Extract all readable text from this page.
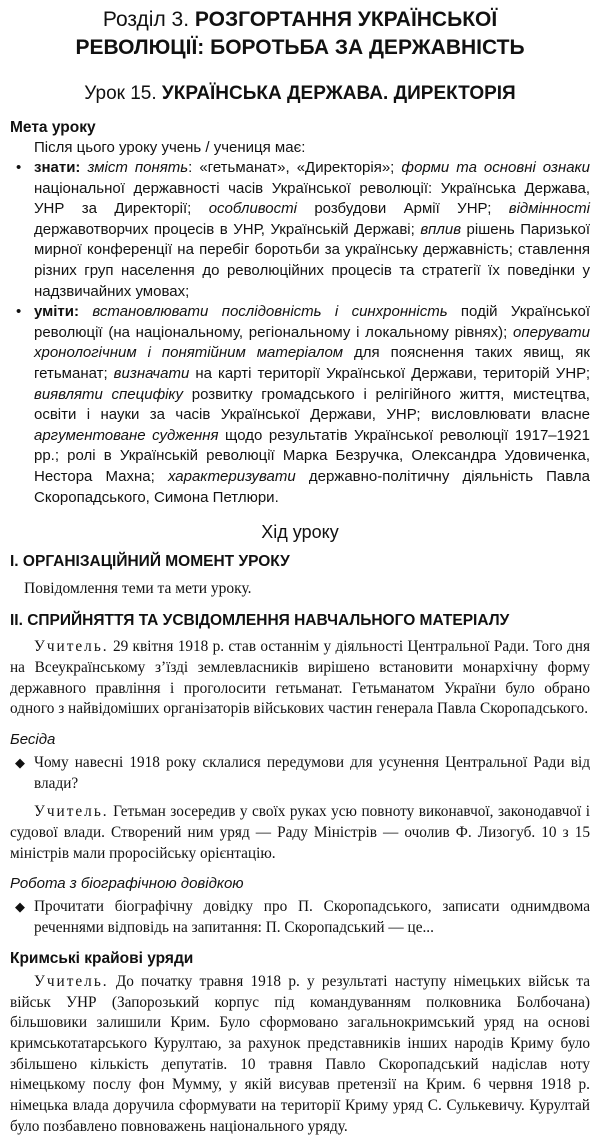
Розділ 3. РОЗГОРТАННЯ УКРАЇНСЬКОЇ
РЕВОЛЮЦІЇ: БОРОТЬБА ЗА ДЕРЖАВНІСТЬ
Урок 15. УКРАЇНСЬКА ДЕРЖАВА. ДИРЕКТОРІЯ

Мета уроку

Після цього уроку учень / учениця має:

• знати: зміст понять: «гетьманат», «Директорія»; форми та основні ознаки національної державності часів Української революції: Українська Держава, УНР за Директорії; особливості розбудови Армії УНР; відмінності державотворчих процесів в УНР, Українській Державі; вплив рішень Паризької мирної конференції на перебіг боротьби за українську державність; ставлення різних груп населення до революційних процесів та стратегії їх поведінки у надзвичайних умовах;
• уміти: встановлювати послідовність і синхронність подій Української революції (на національному, регіональному і локальному рівнях); оперувати хронологічним і понятійним матеріалом для пояснення таких явищ, як гетьманат; визначати на карті території Української Держави, територій УНР; виявляти специфіку розвитку громадського і релігійного життя, мистецтва, освіти і науки за часів Української Держави, УНР; висловлювати власне аргументоване судження щодо результатів Української революції 1917–1921 рр.; ролі в Українській революції Марка Безручка, Олександра Удовиченка, Нестора Махна; характеризувати державно-політичну діяльність Павла Скоропадського, Симона Петлюри.
Хід уроку
І. ОРГАНІЗАЦІЙНИЙ МОМЕНТ УРОКУ

Повідомлення теми та мети уроку.

ІІ. СПРИЙНЯТТЯ ТА УСВІДОМЛЕННЯ НАВЧАЛЬНОГО МАТЕРІАЛУ

Учитель. 29 квітня 1918 р. став останнім у діяльності Центральної Ради. Того дня на Всеукраїнському з’їзді землевласників вирішено встановити монархічну форму державного правління і проголосити гетьманат. Гетьманатом України було обрано одного з найвідоміших організаторів військових частин генерала Павла Скоропадського.

Бесіда

◆ Чому навесні 1918 року склалися передумови для усунення Центральної Ради від влади?

Учитель. Гетьман зосередив у своїх руках усю повноту виконавчої, законодавчої і судової влади. Створений ним уряд — Раду Міністрів — очолив Ф. Лизогуб. 10 з 15 міністрів мали проросійську орієнтацію.

Робота з біографічною довідкою

◆ Прочитати біографічну довідку про П. Скоропадського, записати однимдвома реченнями відповідь на запитання: П. Скоропадський — це...

Кримські крайові уряди

Учитель. До початку травня 1918 р. у результаті наступу німецьких військ та військ УНР (Запорозький корпус під командуванням полковника Болбочана) більшовики залишили Крим. Було сформовано загальнокримський уряд на основі кримськотатарського Курултаю, за рахунок представників інших народів Криму було збільшено кількість депутатів. 10 травня Павло Скоропадський надіслав ноту німецькому послу фон Мумму, у якій висував претензії на Крим. 6 червня 1918 р. німецька влада доручила сформувати на території Криму уряд С. Сулькевичу. Курултай було позбавлено повноважень національного уряду.
